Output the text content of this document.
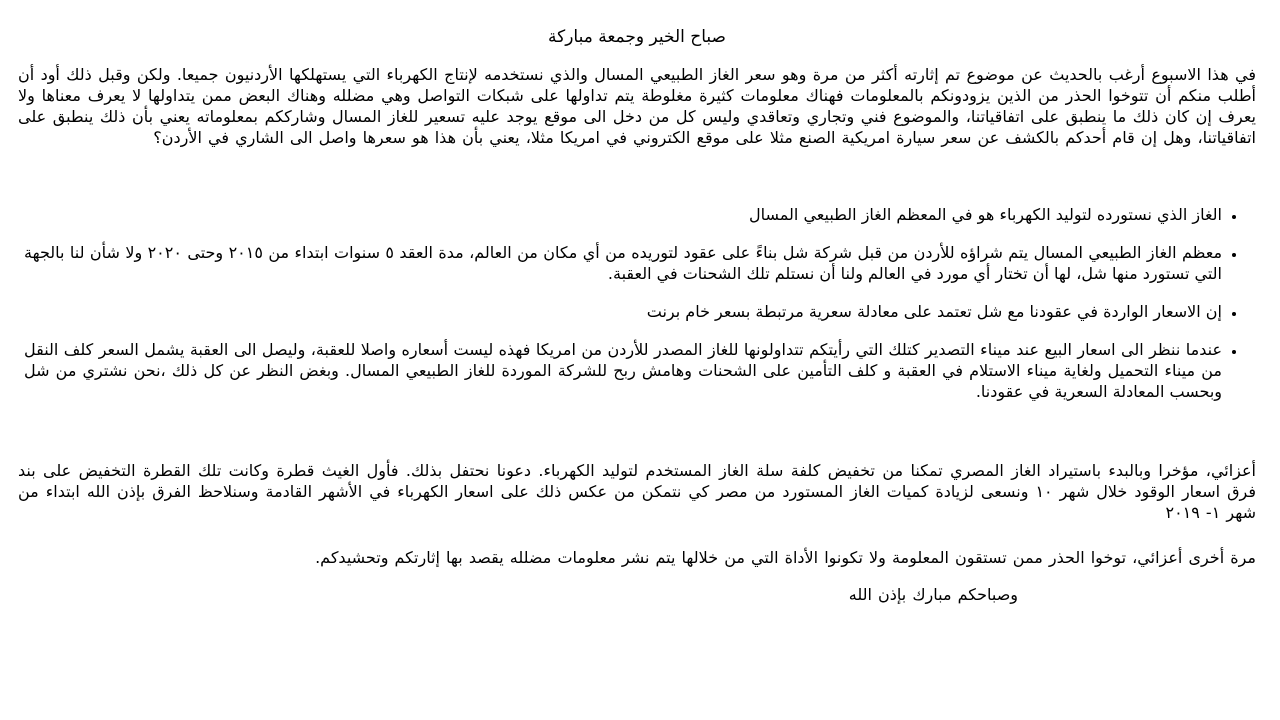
صباح الخير وجمعة مباركة

في هذا الاسبوع أرغب بالحديث عن موضوع تم إثارته أكثر من مرة وهو سعر الغاز الطبيعي المسال والذي نستخدمه لإنتاج الكهرباء التي يستهلكها الأردنيون جميعا. ولكن وقبل ذلك أود أن أطلب منكم أن تتوخوا الحذر من الذين يزودونكم بالمعلومات فهناك معلومات كثيرة مغلوطة يتم تداولها على شبكات التواصل وهي مضلله وهناك البعض ممن يتداولها لا يعرف معناها ولا يعرف إن كان ذلك ما ينطبق على اتفاقياتنا، والموضوع فني وتجاري وتعاقدي وليس كل من دخل الى موقع يوجد عليه تسعير للغاز المسال وشارككم بمعلوماته يعني بأن ذلك ينطبق على اتفاقياتنا، وهل إن قام أحدكم بالكشف عن سعر سيارة امريكية الصنع مثلا على موقع الكتروني في امريكا مثلا، يعني بأن هذا هو سعرها واصل الى الشاري في الأردن؟

• الغاز الذي نستورده لتوليد الكهرباء هو في المعظم الغاز الطبيعي المسال
• معظم الغاز الطبيعي المسال يتم شراؤه للأردن من قبل شركة شل بناءً على عقود لتوريده من أي مكان من العالم، مدة العقد ٥ سنوات ابتداء من ٢٠١٥ وحتى ٢٠٢٠ ولا شأن لنا بالجهة التي تستورد منها شل، لها أن تختار أي مورد في العالم ولنا أن نستلم تلك الشحنات في العقبة.
• إن الاسعار الواردة في عقودنا مع شل تعتمد على معادلة سعرية مرتبطة بسعر خام برنت
• عندما ننظر الى اسعار البيع عند ميناء التصدير كتلك التي رأيتكم تتداولونها للغاز المصدر للأردن من امريكا فهذه ليست أسعاره واصلا للعقبة، وليصل الى العقبة يشمل السعر كلف النقل من ميناء التحميل ولغاية ميناء الاستلام في العقبة و كلف التأمين على الشحنات وهامش ربح للشركة الموردة للغاز الطبيعي المسال. وبغض النظر عن كل ذلك ،نحن نشتري من شل وبحسب المعادلة السعرية في عقودنا.

أعزائي، مؤخرا وبالبدء باستيراد الغاز المصري تمكنا من تخفيض كلفة سلة الغاز المستخدم لتوليد الكهرباء. دعونا نحتفل بذلك. فأول الغيث قطرة وكانت تلك القطرة التخفيض على بند فرق اسعار الوقود خلال شهر ١٠ ونسعى لزيادة كميات الغاز المستورد من مصر كي نتمكن من عكس ذلك على اسعار الكهرباء في الأشهر القادمة وسنلاحظ الفرق بإذن الله ابتداء من شهر ١- ٢٠١٩

مرة أخرى أعزائي، توخوا الحذر ممن تستقون المعلومة ولا تكونوا الأداة التي من خلالها يتم نشر معلومات مضلله يقصد بها إثارتكم وتحشيدكم.

وصباحكم مبارك بإذن الله
